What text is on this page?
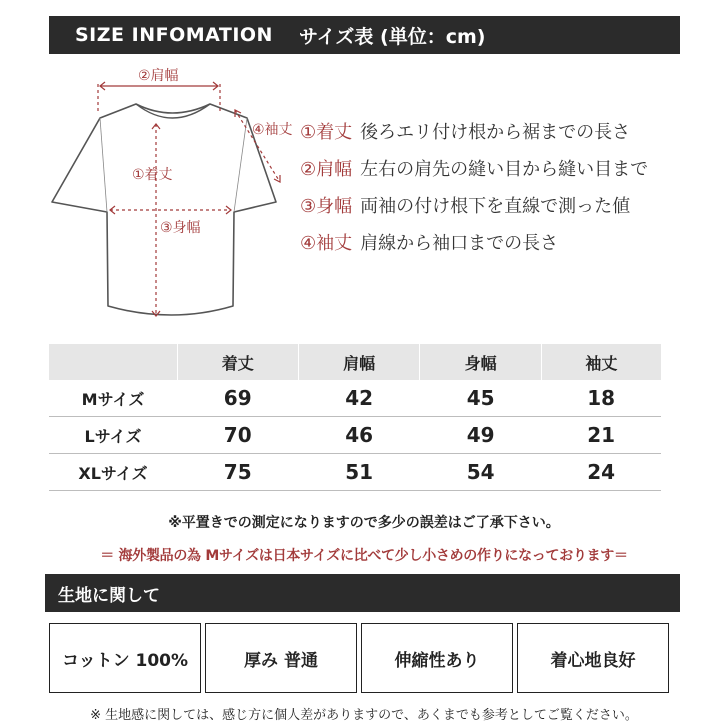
SIZE INFOMATION サイズ表 (単位：cm)
②肩幅
①着丈
③身幅
④袖丈 ①着丈 後ろエリ付け根から裾までの長さ
②肩幅 左右の肩先の縫い目から縫い目まで
③身幅 両袖の付け根下を直線で測った値
④袖丈 肩線から袖口までの長さ
	着丈	肩幅	身幅	袖丈
Mサイズ	69	42	45	18
Lサイズ	70	46	49	21
XLサイズ	75	51	54	24
※平置きでの測定になりますので多少の誤差はご了承下さい。
＝ 海外製品の為 Mサイズは日本サイズに比べて少し小さめの作りになっております＝
生地に関して
コットン 100%	厚み 普通	伸縮性あり	着心地良好
※ 生地感に関しては、感じ方に個人差がありますので、あくまでも参考としてご覧ください。
